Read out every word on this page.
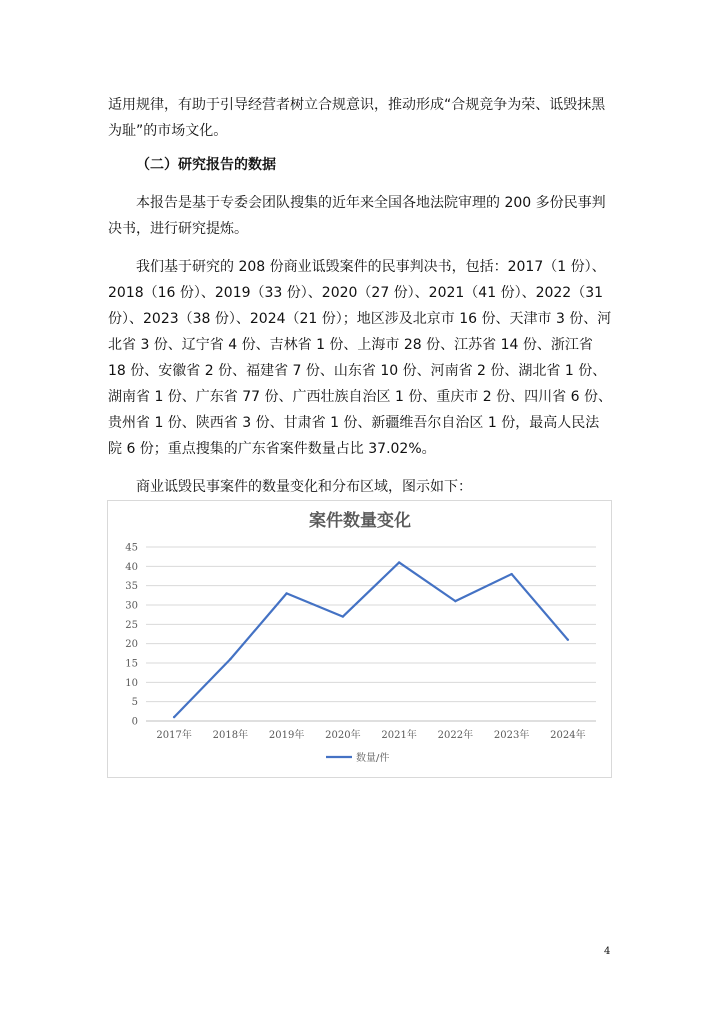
适用规律，有助于引导经营者树立合规意识，推动形成“合规竞争为荣、诋毁抹黑为耻”的市场文化。

（二）研究报告的数据

本报告是基于专委会团队搜集的近年来全国各地法院审理的 200 多份民事判决书，进行研究提炼。

我们基于研究的 208 份商业诋毁案件的民事判决书，包括：2017（1 份）、2018（16 份）、2019（33 份）、2020（27 份）、2021（41 份）、2022（31 份）、2023（38 份）、2024（21 份）；地区涉及北京市 16 份、天津市 3 份、河北省 3 份、辽宁省 4 份、吉林省 1 份、上海市 28 份、江苏省 14 份、浙江省 18 份、安徽省 2 份、福建省 7 份、山东省 10 份、河南省 2 份、湖北省 1 份、湖南省 1 份、广东省 77 份、广西壮族自治区 1 份、重庆市 2 份、四川省 6 份、贵州省 1 份、陕西省 3 份、甘肃省 1 份、新疆维吾尔自治区 1 份，最高人民法院 6 份；重点搜集的广东省案件数量占比 37.02%。

商业诋毁民事案件的数量变化和分布区域，图示如下：

案件数量变化
0
5
10
15
20
25
30
35
40
45
2017年 2018年 2019年 2020年 2021年 2022年 2023年 2024年
数量/件
4
